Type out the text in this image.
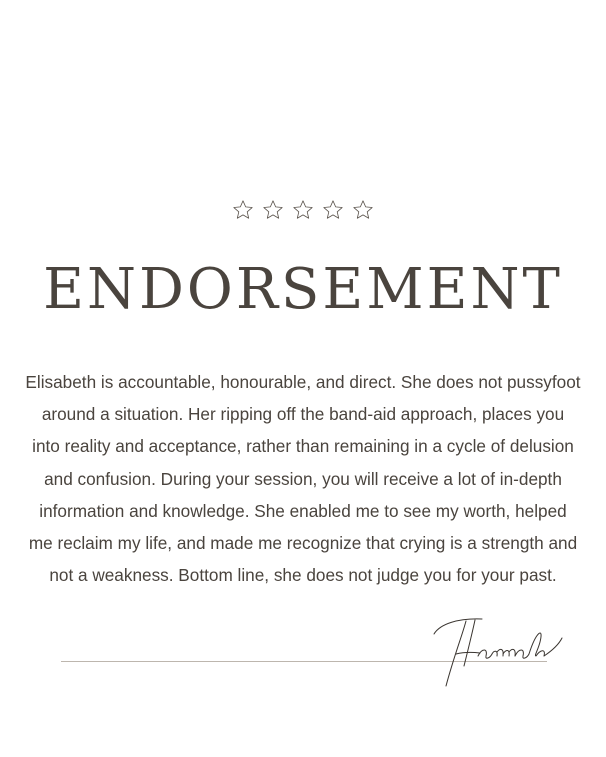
ENDORSEMENT
Elisabeth is accountable, honourable, and direct. She does not pussyfoot
around a situation. Her ripping off the band-aid approach, places you
into reality and acceptance, rather than remaining in a cycle of delusion
and confusion. During your session, you will receive a lot of in-depth
information and knowledge. She enabled me to see my worth, helped
me reclaim my life, and made me recognize that crying is a strength and
not a weakness. Bottom line, she does not judge you for your past.
